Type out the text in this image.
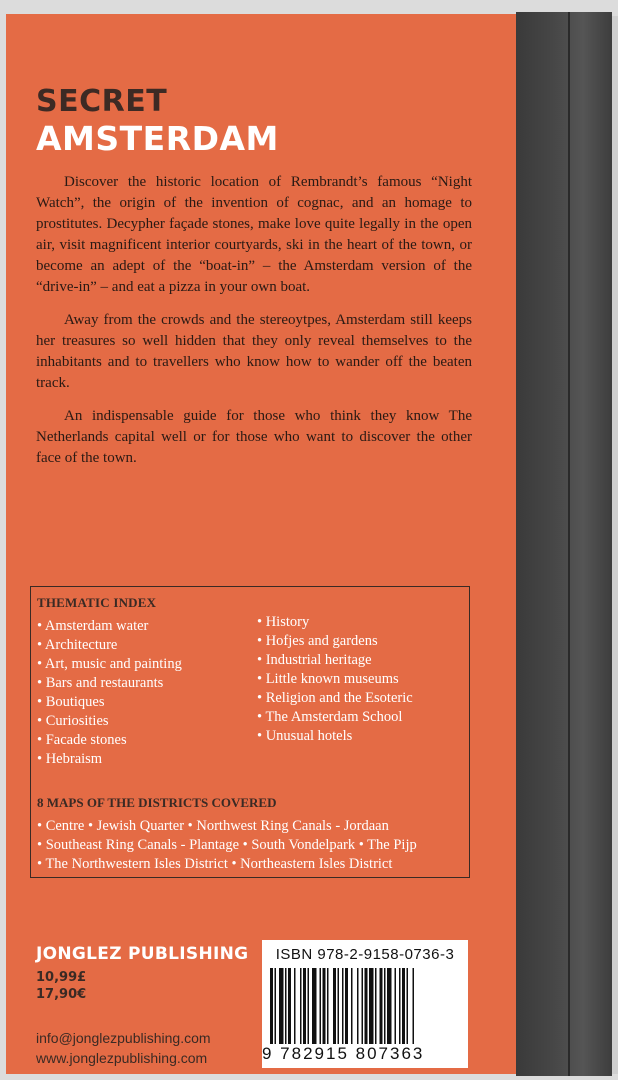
SECRET
AMSTERDAM

Discover the historic location of Rembrandt’s famous “Night Watch”, the origin of the invention of cognac, and an homage to prostitutes. Decypher façade stones, make love quite legally in the open air, visit magnificent interior courtyards, ski in the heart of the town, or become an adept of the “boat-in” – the Amsterdam version of the “drive-in” – and eat a pizza in your own boat.

Away from the crowds and the stereoytpes, Amsterdam still keeps her treasures so well hidden that they only reveal themselves to the inhabitants and to travellers who know how to wander off the beaten track.

An indispensable guide for those who think they know The Netherlands capital well or for those who want to discover the other face of the town.

THEMATIC INDEX
• Amsterdam water
• Architecture
• Art, music and painting
• Bars and restaurants
• Boutiques
• Curiosities
• Facade stones
• Hebraism
• History
• Hofjes and gardens
• Industrial heritage
• Little known museums
• Religion and the Esoteric
• The Amsterdam School
• Unusual hotels
8 MAPS OF THE DISTRICTS COVERED
• Centre • Jewish Quarter • Northwest Ring Canals - Jordaan
• Southeast Ring Canals - Plantage • South Vondelpark • The Pijp
• The Northwestern Isles District • Northeastern Isles District
JONGLEZ PUBLISHING
10,99£
17,90€
info@jonglezpublishing.com
www.jonglezpublishing.com
ISBN 978-2-9158-0736-3
9 782915 807363
